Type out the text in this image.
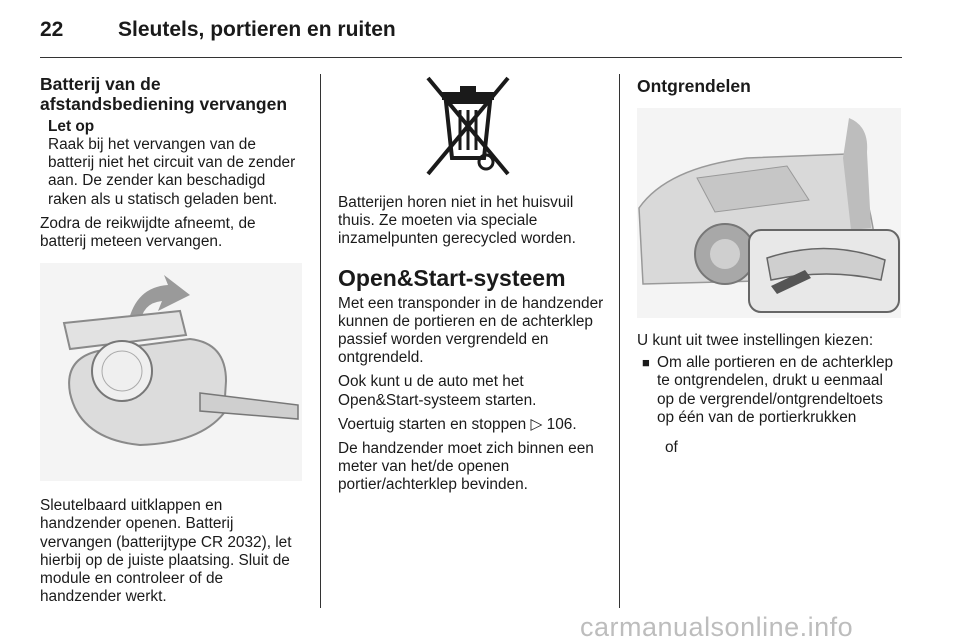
22	Sleutels, portieren en ruiten
Batterij van de
afstandsbediening vervangen
Let op

Raak bij het vervangen van de batterij niet het circuit van de zender aan. De zender kan beschadigd raken als u statisch geladen bent.

Zodra de reikwijdte afneemt, de batterij meteen vervangen.

Sleutelbaard uitklappen en handzender openen. Batterij vervangen (batterijtype CR 2032), let hierbij op de juiste plaatsing. Sluit de module en controleer of de handzender werkt.

Batterijen horen niet in het huisvuil thuis. Ze moeten via speciale inzamelpunten gerecycled worden.

Open&Start-systeem

Met een transponder in de handzender kunnen de portieren en de achterklep passief worden vergrendeld en ontgrendeld.

Ook kunt u de auto met het Open&Start-systeem starten.

Voertuig starten en stoppen ▷ 106.

De handzender moet zich binnen een meter van het/de openen portier/achterklep bevinden.

Ontgrendelen

U kunt uit twee instellingen kiezen:

■ Om alle portieren en de achterklep te ontgrendelen, drukt u eenmaal op de vergrendel/ontgrendeltoets op één van de portierkrukken

of

carmanualsonline.info
